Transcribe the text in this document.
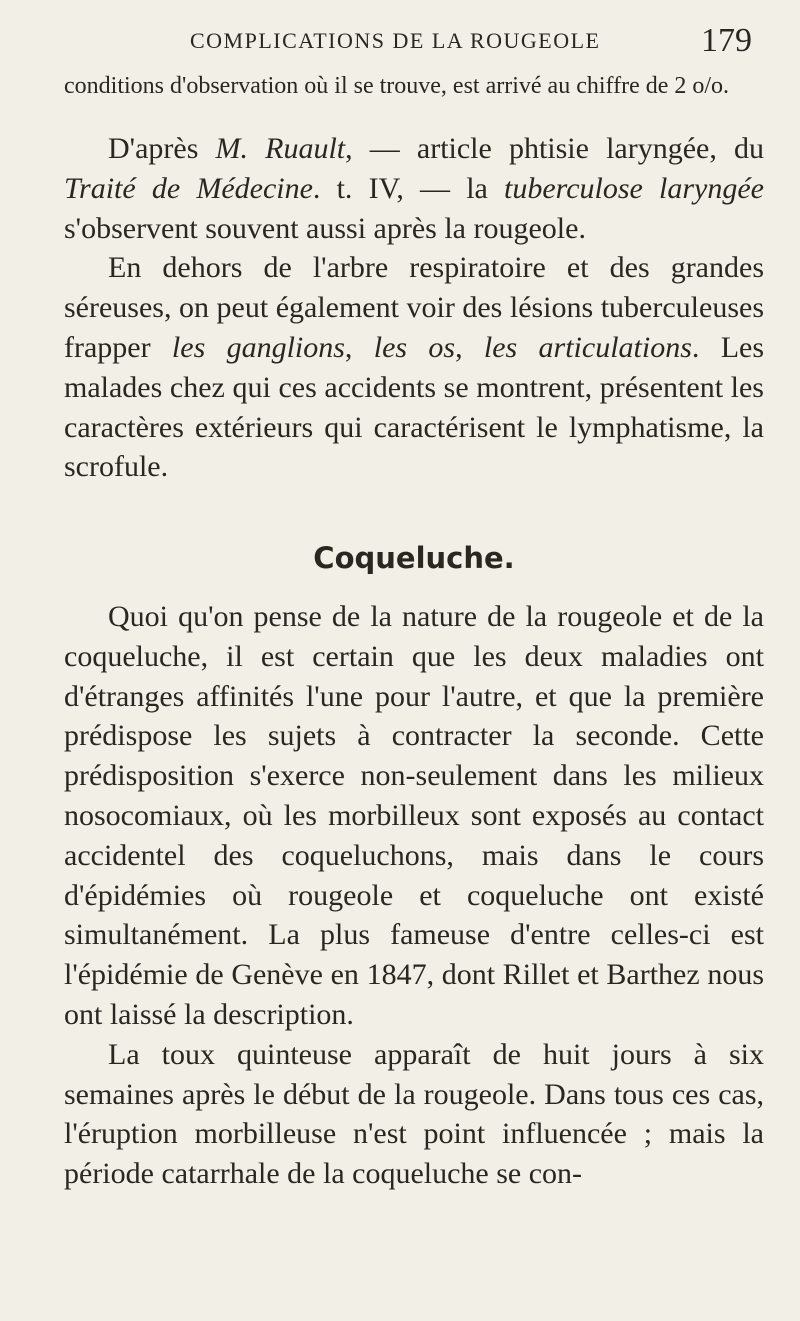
COMPLICATIONS DE LA ROUGEOLE	179

conditions d'observation où il se trouve, est arrivé au chiffre de 2 o/o.

D'après M. Ruault, — article phtisie laryngée, du Traité de Médecine. t. IV, — la tuberculose laryngée s'observent souvent aussi après la rougeole.

En dehors de l'arbre respiratoire et des grandes séreuses, on peut également voir des lésions tuberculeuses frapper les ganglions, les os, les articulations. Les malades chez qui ces accidents se montrent, présentent les caractères extérieurs qui caractérisent le lymphatisme, la scrofule.

Coqueluche.

Quoi qu'on pense de la nature de la rougeole et de la coqueluche, il est certain que les deux maladies ont d'étranges affinités l'une pour l'autre, et que la première prédispose les sujets à contracter la seconde. Cette prédisposition s'exerce non-seulement dans les milieux nosocomiaux, où les morbilleux sont exposés au contact accidentel des coqueluchons, mais dans le cours d'épidémies où rougeole et coqueluche ont existé simultanément. La plus fameuse d'entre celles-ci est l'épidémie de Genève en 1847, dont Rillet et Barthez nous ont laissé la description.

La toux quinteuse apparaît de huit jours à six semaines après le début de la rougeole. Dans tous ces cas, l'éruption morbilleuse n'est point influencée ; mais la période catarrhale de la coqueluche se con-
